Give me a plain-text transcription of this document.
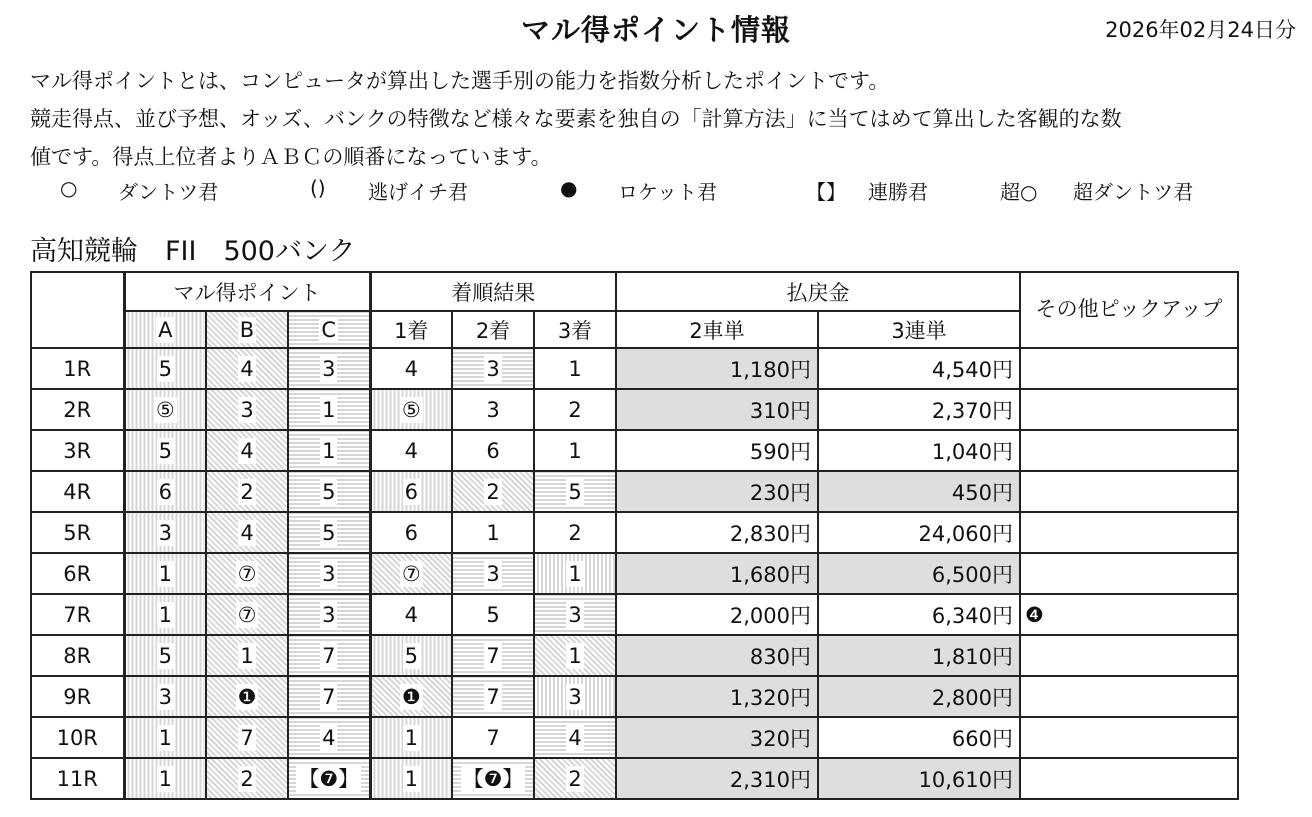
マル得ポイント情報	2026年02月24日分

マル得ポイントとは、コンピュータが算出した選手別の能力を指数分析したポイントです。

競走得点、並び予想、オッズ、バンクの特徴など様々な要素を独自の「計算方法」に当てはめて算出した客観的な数

値です。得点上位者よりＡＢＣの順番になっています。

○ ダントツ君	() 逃げイチ君	● ロケット君	【】 連勝君	超○ 超ダントツ君
高知競輪　FII　500バンク
	マル得ポイント			着順結果			払戻金		その他ピックアップ
	A	B	C	1着	2着	3着	2車単	3連単	
1R	5	4	3	4	3	1	1,180円	4,540円	
2R	⑤	3	1	⑤	3	2	310円	2,370円	
3R	5	4	1	4	6	1	590円	1,040円	
4R	6	2	5	6	2	5	230円	450円	
5R	3	4	5	6	1	2	2,830円	24,060円	
6R	1	⑦	3	⑦	3	1	1,680円	6,500円	
7R	1	⑦	3	4	5	3	2,000円	6,340円	❹
8R	5	1	7	5	7	1	830円	1,810円	
9R	3	❶	7	❶	7	3	1,320円	2,800円	
10R	1	7	4	1	7	4	320円	660円	
11R	1	2	【❼】	1	【❼】	2	2,310円	10,610円	
